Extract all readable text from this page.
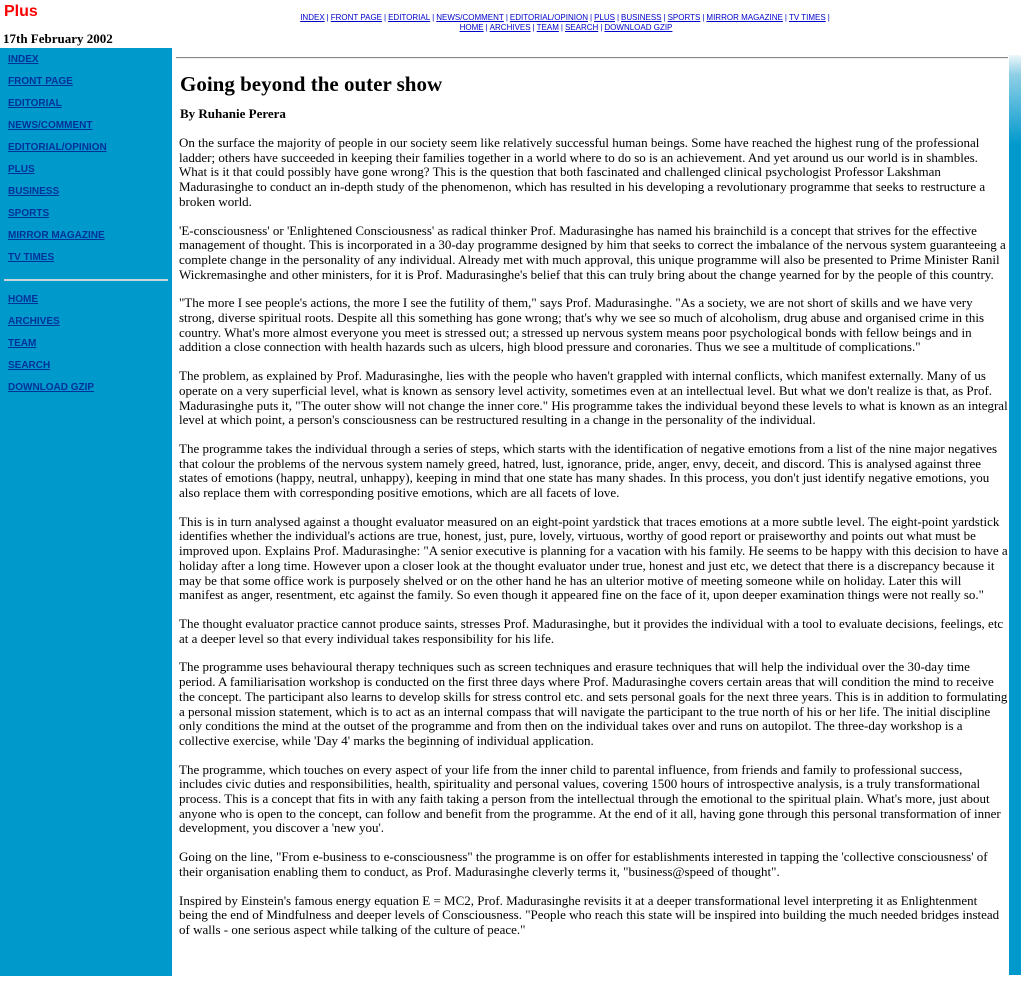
Plus	INDEX | FRONT PAGE | EDITORIAL | NEWS/COMMENT | EDITORIAL/OPINION | PLUS | BUSINESS | SPORTS | MIRROR MAGAZINE | TV TIMES |
HOME | ARCHIVES | TEAM | SEARCH | DOWNLOAD GZIP
17th February 2002
INDEX
FRONT PAGE
EDITORIAL
NEWS/COMMENT
EDITORIAL/OPINION
PLUS
BUSINESS
SPORTS
MIRROR MAGAZINE
TV TIMES
HOME
ARCHIVES
TEAM
SEARCH
DOWNLOAD GZIP
Going beyond the outer show
By Ruhanie Perera

On the surface the majority of people in our society seem like relatively successful human beings. Some have reached the highest rung of the professional ladder; others have succeeded in keeping their families together in a world where to do so is an achievement. And yet around us our world is in shambles. What is it that could possibly have gone wrong? This is the question that both fascinated and challenged clinical psychologist Professor Lakshman Madurasinghe to conduct an in-depth study of the phenomenon, which has resulted in his developing a revolutionary programme that seeks to restructure a broken world.

'E-consciousness' or 'Enlightened Consciousness' as radical thinker Prof. Madurasinghe has named his brainchild is a concept that strives for the effective management of thought. This is incorporated in a 30-day programme designed by him that seeks to correct the imbalance of the nervous system guaranteeing a complete change in the personality of any individual. Already met with much approval, this unique programme will also be presented to Prime Minister Ranil Wickremasinghe and other ministers, for it is Prof. Madurasinghe's belief that this can truly bring about the change yearned for by the people of this country.

"The more I see people's actions, the more I see the futility of them," says Prof. Madurasinghe. "As a society, we are not short of skills and we have very strong, diverse spiritual roots. Despite all this something has gone wrong; that's why we see so much of alcoholism, drug abuse and organised crime in this country. What's more almost everyone you meet is stressed out; a stressed up nervous system means poor psychological bonds with fellow beings and in addition a close connection with health hazards such as ulcers, high blood pressure and coronaries. Thus we see a multitude of complications."

The problem, as explained by Prof. Madurasinghe, lies with the people who haven't grappled with internal conflicts, which manifest externally. Many of us operate on a very superficial level, what is known as sensory level activity, sometimes even at an intellectual level. But what we don't realize is that, as Prof. Madurasinghe puts it, "The outer show will not change the inner core." His programme takes the individual beyond these levels to what is known as an integral level at which point, a person's consciousness can be restructured resulting in a change in the personality of the individual.

The programme takes the individual through a series of steps, which starts with the identification of negative emotions from a list of the nine major negatives that colour the problems of the nervous system namely greed, hatred, lust, ignorance, pride, anger, envy, deceit, and discord. This is analysed against three states of emotions (happy, neutral, unhappy), keeping in mind that one state has many shades. In this process, you don't just identify negative emotions, you also replace them with corresponding positive emotions, which are all facets of love.

This is in turn analysed against a thought evaluator measured on an eight-point yardstick that traces emotions at a more subtle level. The eight-point yardstick identifies whether the individual's actions are true, honest, just, pure, lovely, virtuous, worthy of good report or praiseworthy and points out what must be improved upon. Explains Prof. Madurasinghe: "A senior executive is planning for a vacation with his family. He seems to be happy with this decision to have a holiday after a long time. However upon a closer look at the thought evaluator under true, honest and just etc, we detect that there is a discrepancy because it may be that some office work is purposely shelved or on the other hand he has an ulterior motive of meeting someone while on holiday. Later this will manifest as anger, resentment, etc against the family. So even though it appeared fine on the face of it, upon deeper examination things were not really so."

The thought evaluator practice cannot produce saints, stresses Prof. Madurasinghe, but it provides the individual with a tool to evaluate decisions, feelings, etc at a deeper level so that every individual takes responsibility for his life.

The programme uses behavioural therapy techniques such as screen techniques and erasure techniques that will help the individual over the 30-day time period. A familiarisation workshop is conducted on the first three days where Prof. Madurasinghe covers certain areas that will condition the mind to receive the concept. The participant also learns to develop skills for stress control etc. and sets personal goals for the next three years. This is in addition to formulating a personal mission statement, which is to act as an internal compass that will navigate the participant to the true north of his or her life. The initial discipline only conditions the mind at the outset of the programme and from then on the individual takes over and runs on autopilot. The three-day workshop is a collective exercise, while 'Day 4' marks the beginning of individual application.

The programme, which touches on every aspect of your life from the inner child to parental influence, from friends and family to professional success, includes civic duties and responsibilities, health, spirituality and personal values, covering 1500 hours of introspective analysis, is a truly transformational process. This is a concept that fits in with any faith taking a person from the intellectual through the emotional to the spiritual plain. What's more, just about anyone who is open to the concept, can follow and benefit from the programme. At the end of it all, having gone through this personal transformation of inner development, you discover a 'new you'.

Going on the line, "From e-business to e-consciousness" the programme is on offer for establishments interested in tapping the 'collective consciousness' of their organisation enabling them to conduct, as Prof. Madurasinghe cleverly terms it, "business@speed of thought".

Inspired by Einstein's famous energy equation E = MC2, Prof. Madurasinghe revisits it at a deeper transformational level interpreting it as Enlightenment being the end of Mindfulness and deeper levels of Consciousness. "People who reach this state will be inspired into building the much needed bridges instead of walls - one serious aspect while talking of the culture of peace."
